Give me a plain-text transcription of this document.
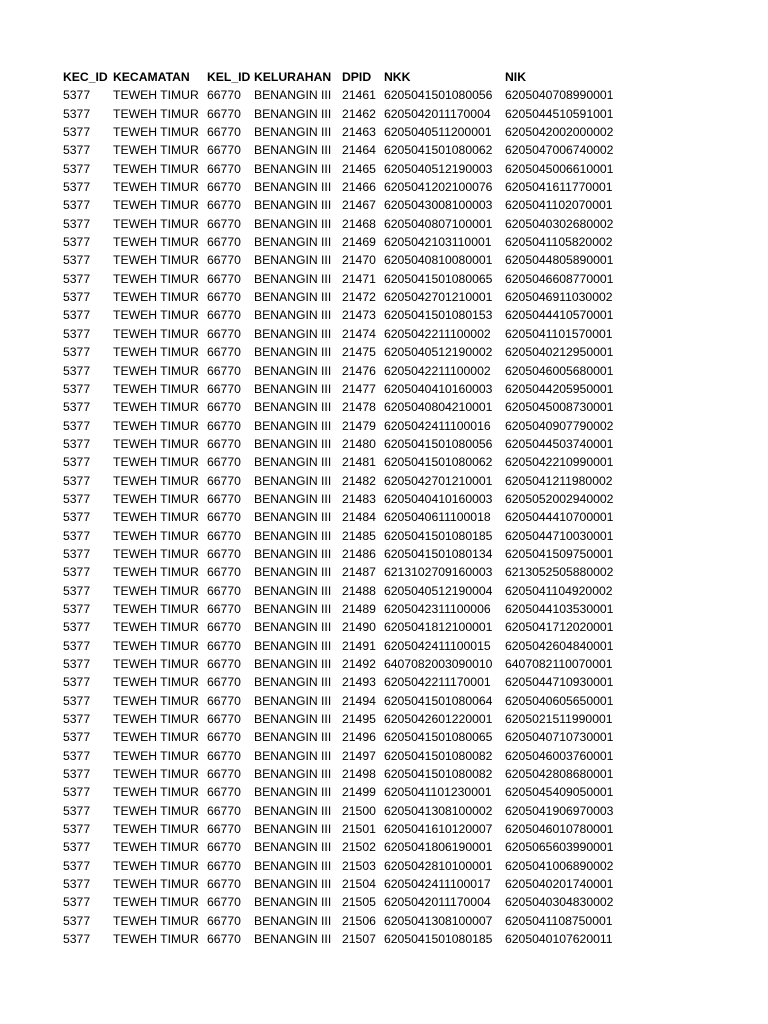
KEC_ID	KECAMATAN	KEL_ID	KELURAHAN	DPID	NKK	NIK
5377	TEWEH TIMUR	66770	BENANGIN III	21461	6205041501080056	6205040708990001
5377	TEWEH TIMUR	66770	BENANGIN III	21462	6205042011170004	6205044510591001
5377	TEWEH TIMUR	66770	BENANGIN III	21463	6205040511200001	6205042002000002
5377	TEWEH TIMUR	66770	BENANGIN III	21464	6205041501080062	6205047006740002
5377	TEWEH TIMUR	66770	BENANGIN III	21465	6205040512190003	6205045006610001
5377	TEWEH TIMUR	66770	BENANGIN III	21466	6205041202100076	6205041611770001
5377	TEWEH TIMUR	66770	BENANGIN III	21467	6205043008100003	6205041102070001
5377	TEWEH TIMUR	66770	BENANGIN III	21468	6205040807100001	6205040302680002
5377	TEWEH TIMUR	66770	BENANGIN III	21469	6205042103110001	6205041105820002
5377	TEWEH TIMUR	66770	BENANGIN III	21470	6205040810080001	6205044805890001
5377	TEWEH TIMUR	66770	BENANGIN III	21471	6205041501080065	6205046608770001
5377	TEWEH TIMUR	66770	BENANGIN III	21472	6205042701210001	6205046911030002
5377	TEWEH TIMUR	66770	BENANGIN III	21473	6205041501080153	6205044410570001
5377	TEWEH TIMUR	66770	BENANGIN III	21474	6205042211100002	6205041101570001
5377	TEWEH TIMUR	66770	BENANGIN III	21475	6205040512190002	6205040212950001
5377	TEWEH TIMUR	66770	BENANGIN III	21476	6205042211100002	6205046005680001
5377	TEWEH TIMUR	66770	BENANGIN III	21477	6205040410160003	6205044205950001
5377	TEWEH TIMUR	66770	BENANGIN III	21478	6205040804210001	6205045008730001
5377	TEWEH TIMUR	66770	BENANGIN III	21479	6205042411100016	6205040907790002
5377	TEWEH TIMUR	66770	BENANGIN III	21480	6205041501080056	6205044503740001
5377	TEWEH TIMUR	66770	BENANGIN III	21481	6205041501080062	6205042210990001
5377	TEWEH TIMUR	66770	BENANGIN III	21482	6205042701210001	6205041211980002
5377	TEWEH TIMUR	66770	BENANGIN III	21483	6205040410160003	6205052002940002
5377	TEWEH TIMUR	66770	BENANGIN III	21484	6205040611100018	6205044410700001
5377	TEWEH TIMUR	66770	BENANGIN III	21485	6205041501080185	6205044710030001
5377	TEWEH TIMUR	66770	BENANGIN III	21486	6205041501080134	6205041509750001
5377	TEWEH TIMUR	66770	BENANGIN III	21487	6213102709160003	6213052505880002
5377	TEWEH TIMUR	66770	BENANGIN III	21488	6205040512190004	6205041104920002
5377	TEWEH TIMUR	66770	BENANGIN III	21489	6205042311100006	6205044103530001
5377	TEWEH TIMUR	66770	BENANGIN III	21490	6205041812100001	6205041712020001
5377	TEWEH TIMUR	66770	BENANGIN III	21491	6205042411100015	6205042604840001
5377	TEWEH TIMUR	66770	BENANGIN III	21492	6407082003090010	6407082110070001
5377	TEWEH TIMUR	66770	BENANGIN III	21493	6205042211170001	6205044710930001
5377	TEWEH TIMUR	66770	BENANGIN III	21494	6205041501080064	6205040605650001
5377	TEWEH TIMUR	66770	BENANGIN III	21495	6205042601220001	6205021511990001
5377	TEWEH TIMUR	66770	BENANGIN III	21496	6205041501080065	6205040710730001
5377	TEWEH TIMUR	66770	BENANGIN III	21497	6205041501080082	6205046003760001
5377	TEWEH TIMUR	66770	BENANGIN III	21498	6205041501080082	6205042808680001
5377	TEWEH TIMUR	66770	BENANGIN III	21499	6205041101230001	6205045409050001
5377	TEWEH TIMUR	66770	BENANGIN III	21500	6205041308100002	6205041906970003
5377	TEWEH TIMUR	66770	BENANGIN III	21501	6205041610120007	6205046010780001
5377	TEWEH TIMUR	66770	BENANGIN III	21502	6205041806190001	6205065603990001
5377	TEWEH TIMUR	66770	BENANGIN III	21503	6205042810100001	6205041006890002
5377	TEWEH TIMUR	66770	BENANGIN III	21504	6205042411100017	6205040201740001
5377	TEWEH TIMUR	66770	BENANGIN III	21505	6205042011170004	6205040304830002
5377	TEWEH TIMUR	66770	BENANGIN III	21506	6205041308100007	6205041108750001
5377	TEWEH TIMUR	66770	BENANGIN III	21507	6205041501080185	6205040107620011
